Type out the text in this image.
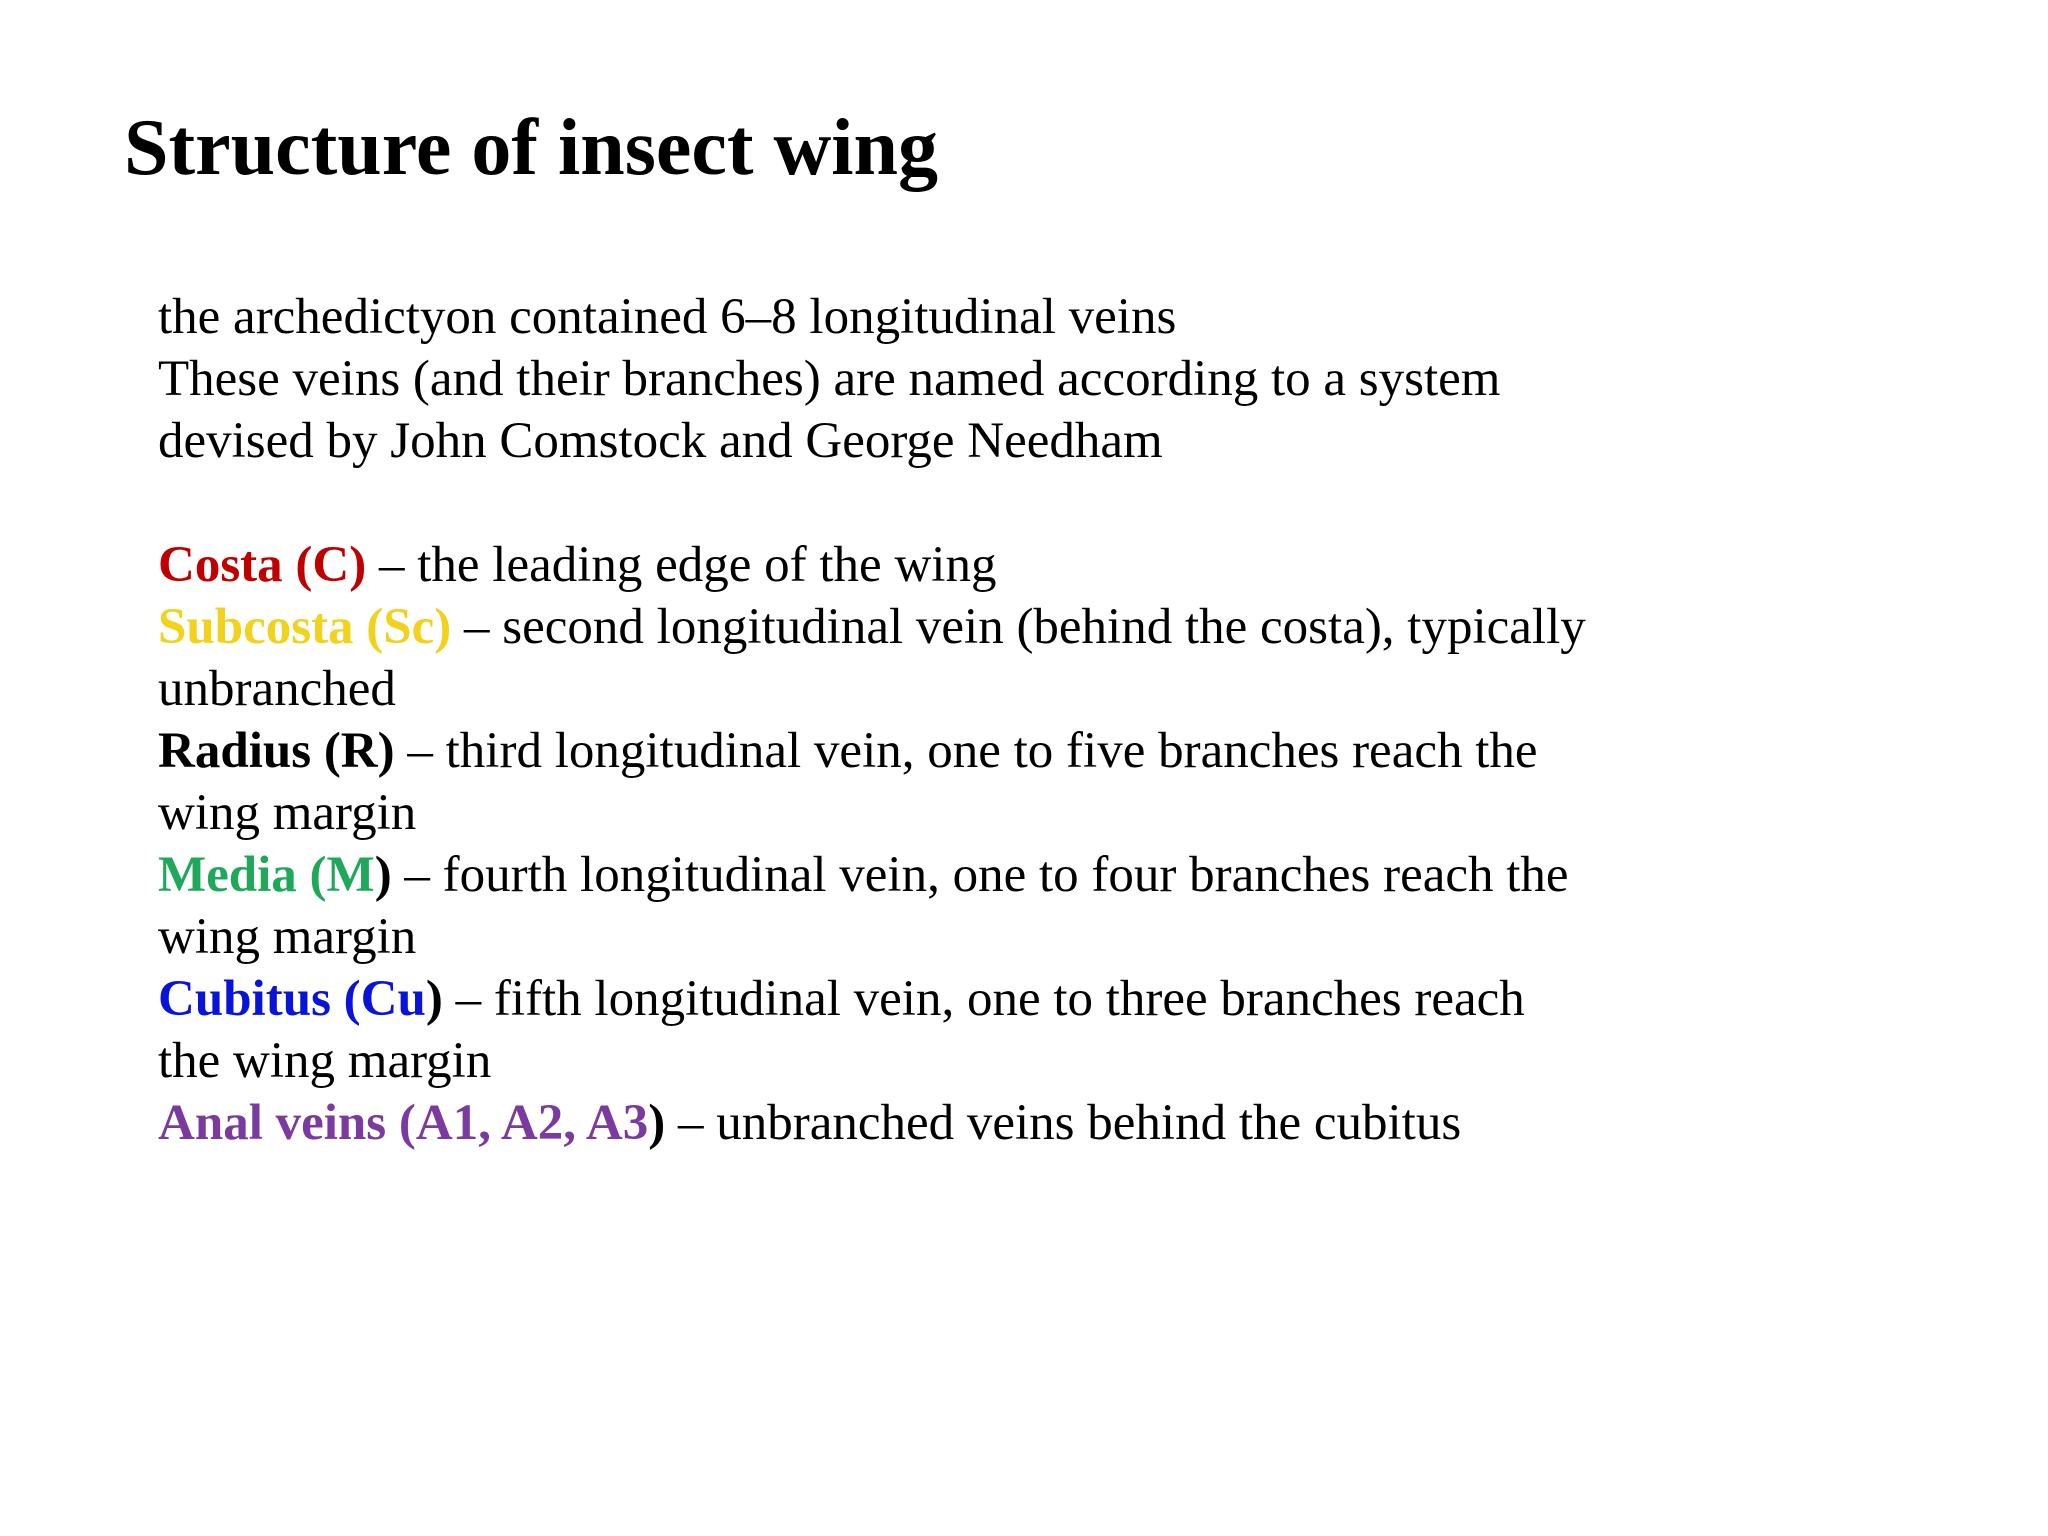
Structure of insect wing
the archedictyon contained 6–8 longitudinal veins
These veins (and their branches) are named according to a system
devised by John Comstock and George Needham
Costa (C) – the leading edge of the wing
Subcosta (Sc) – second longitudinal vein (behind the costa), typically
unbranched
Radius (R) – third longitudinal vein, one to five branches reach the
wing margin
Media (M) – fourth longitudinal vein, one to four branches reach the
wing margin
Cubitus (Cu) – fifth longitudinal vein, one to three branches reach
the wing margin
Anal veins (A1, A2, A3) – unbranched veins behind the cubitus
